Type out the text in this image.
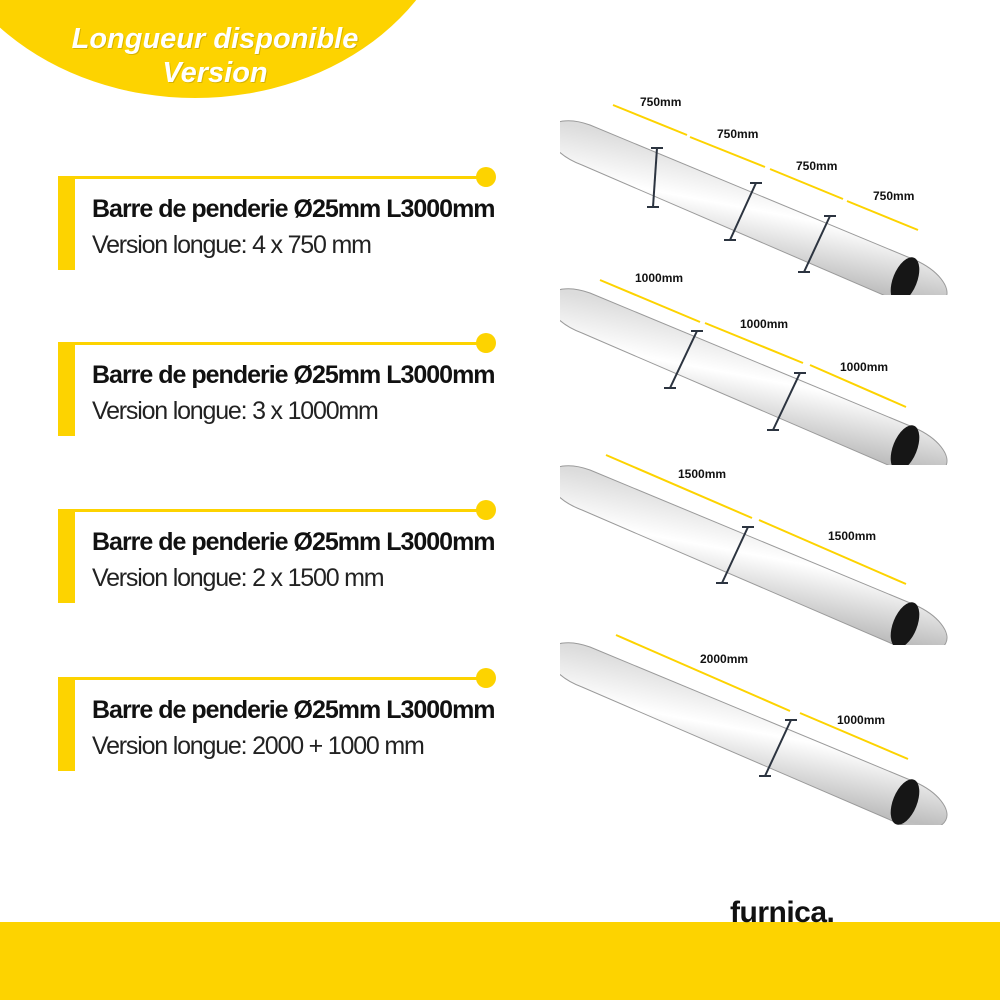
Longueur disponible
Version
Barre de penderie Ø25mm L3000mm
Version longue: 4 x 750 mm
Barre de penderie Ø25mm L3000mm
Version longue: 3 x 1000mm
Barre de penderie Ø25mm L3000mm
Version longue: 2 x 1500 mm
Barre de penderie Ø25mm L3000mm
Version longue: 2000 + 1000 mm
750mm
750mm
750mm
750mm
1000mm
1000mm
1000mm
1500mm
1500mm
2000mm
1000mm
furnica.
